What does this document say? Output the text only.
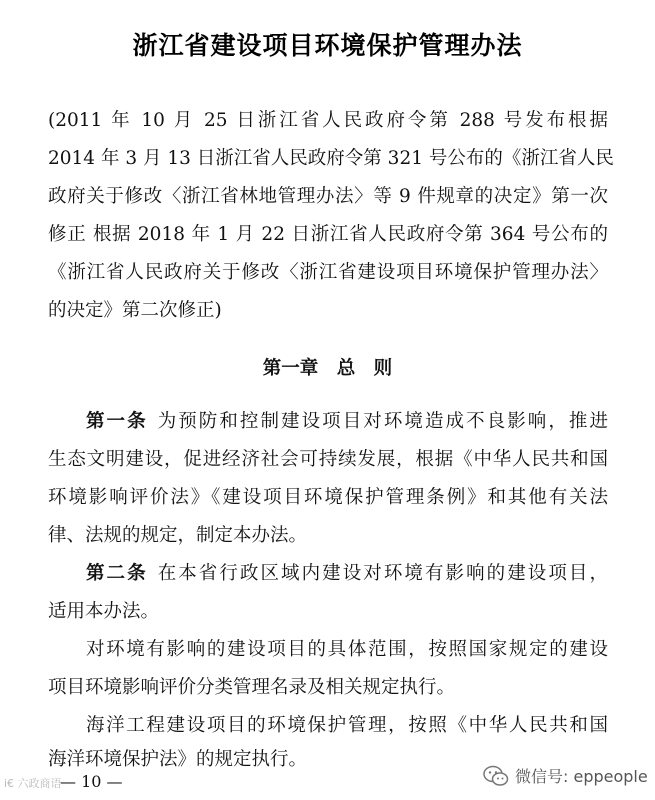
浙江省建设项目环境保护管理办法
(2011 年 10 月 25 日浙江省人民政府令第 288 号发布根据
2014 年 3 月 13 日浙江省人民政府令第 321 号公布的《浙江省人民
政府关于修改〈浙江省林地管理办法〉等 9 件规章的决定》第一次
修正 根据 2018 年 1 月 22 日浙江省人民政府令第 364 号公布的
《浙江省人民政府关于修改〈浙江省建设项目环境保护管理办法〉
的决定》第二次修正)
第一章 总 则
第一条 为预防和控制建设项目对环境造成不良影响，推进
生态文明建设，促进经济社会可持续发展，根据《中华人民共和国
环境影响评价法》《建设项目环境保护管理条例》和其他有关法
律、法规的规定，制定本办法。
第二条 在本省行政区域内建设对环境有影响的建设项目，
适用本办法。
对环境有影响的建设项目的具体范围，按照国家规定的建设
项目环境影响评价分类管理名录及相关规定执行。
海洋工程建设项目的环境保护管理，按照《中华人民共和国
海洋环境保护法》的规定执行。
i€ 六政商语
— 10 —	微信号: eppeople
